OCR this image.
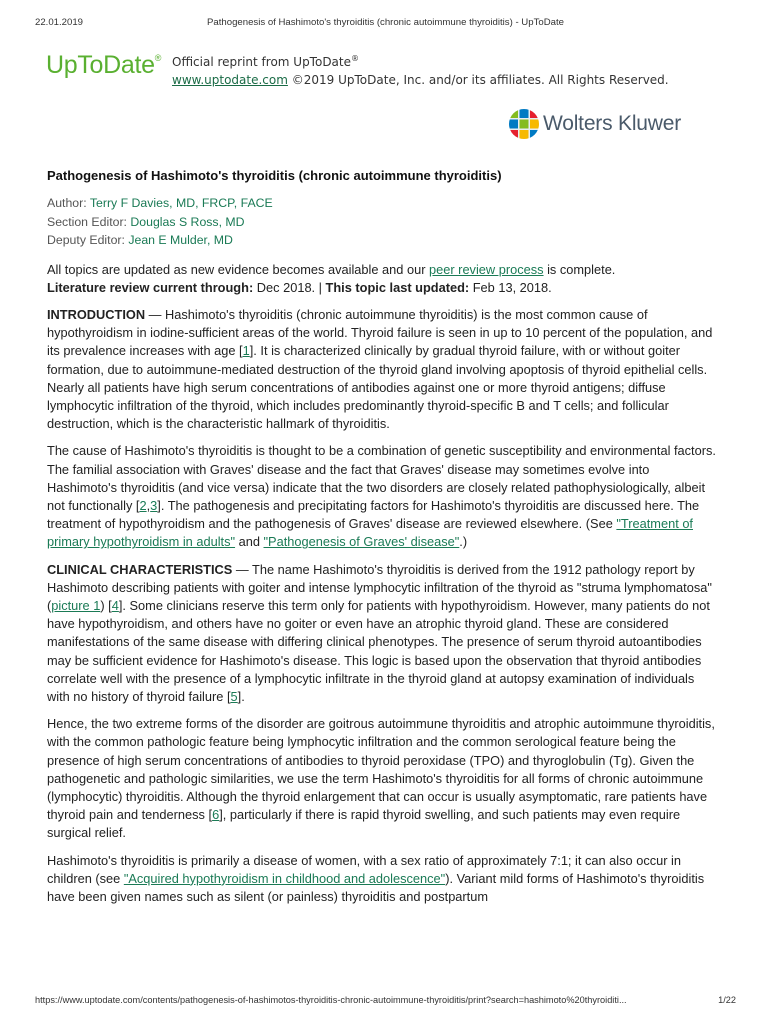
22.01.2019	Pathogenesis of Hashimoto's thyroiditis (chronic autoimmune thyroiditis) - UpToDate
UpToDate® Official reprint from UpToDate®
www.uptodate.com ©2019 UpToDate, Inc. and/or its affiliates. All Rights Reserved.
Wolters Kluwer
Pathogenesis of Hashimoto's thyroiditis (chronic autoimmune thyroiditis)
Author: Terry F Davies, MD, FRCP, FACE
Section Editor: Douglas S Ross, MD
Deputy Editor: Jean E Mulder, MD

All topics are updated as new evidence becomes available and our peer review process is complete.
Literature review current through: Dec 2018. | This topic last updated: Feb 13, 2018.

INTRODUCTION — Hashimoto's thyroiditis (chronic autoimmune thyroiditis) is the most common cause of hypothyroidism in iodine-sufficient areas of the world. Thyroid failure is seen in up to 10 percent of the population, and its prevalence increases with age [1]. It is characterized clinically by gradual thyroid failure, with or without goiter formation, due to autoimmune-mediated destruction of the thyroid gland involving apoptosis of thyroid epithelial cells. Nearly all patients have high serum concentrations of antibodies against one or more thyroid antigens; diffuse lymphocytic infiltration of the thyroid, which includes predominantly thyroid-specific B and T cells; and follicular destruction, which is the characteristic hallmark of thyroiditis.

The cause of Hashimoto's thyroiditis is thought to be a combination of genetic susceptibility and environmental factors. The familial association with Graves' disease and the fact that Graves' disease may sometimes evolve into Hashimoto's thyroiditis (and vice versa) indicate that the two disorders are closely related pathophysiologically, albeit not functionally [2,3]. The pathogenesis and precipitating factors for Hashimoto's thyroiditis are discussed here. The treatment of hypothyroidism and the pathogenesis of Graves' disease are reviewed elsewhere. (See "Treatment of primary hypothyroidism in adults" and "Pathogenesis of Graves' disease".)

CLINICAL CHARACTERISTICS — The name Hashimoto's thyroiditis is derived from the 1912 pathology report by Hashimoto describing patients with goiter and intense lymphocytic infiltration of the thyroid as "struma lymphomatosa" (picture 1) [4]. Some clinicians reserve this term only for patients with hypothyroidism. However, many patients do not have hypothyroidism, and others have no goiter or even have an atrophic thyroid gland. These are considered manifestations of the same disease with differing clinical phenotypes. The presence of serum thyroid autoantibodies may be sufficient evidence for Hashimoto's disease. This logic is based upon the observation that thyroid antibodies correlate well with the presence of a lymphocytic infiltrate in the thyroid gland at autopsy examination of individuals with no history of thyroid failure [5].

Hence, the two extreme forms of the disorder are goitrous autoimmune thyroiditis and atrophic autoimmune thyroiditis, with the common pathologic feature being lymphocytic infiltration and the common serological feature being the presence of high serum concentrations of antibodies to thyroid peroxidase (TPO) and thyroglobulin (Tg). Given the pathogenetic and pathologic similarities, we use the term Hashimoto's thyroiditis for all forms of chronic autoimmune (lymphocytic) thyroiditis. Although the thyroid enlargement that can occur is usually asymptomatic, rare patients have thyroid pain and tenderness [6], particularly if there is rapid thyroid swelling, and such patients may even require surgical relief.

Hashimoto's thyroiditis is primarily a disease of women, with a sex ratio of approximately 7:1; it can also occur in children (see "Acquired hypothyroidism in childhood and adolescence"). Variant mild forms of Hashimoto's thyroiditis have been given names such as silent (or painless) thyroiditis and postpartum

https://www.uptodate.com/contents/pathogenesis-of-hashimotos-thyroiditis-chronic-autoimmune-thyroiditis/print?search=hashimoto%20thyroiditi...	1/22
